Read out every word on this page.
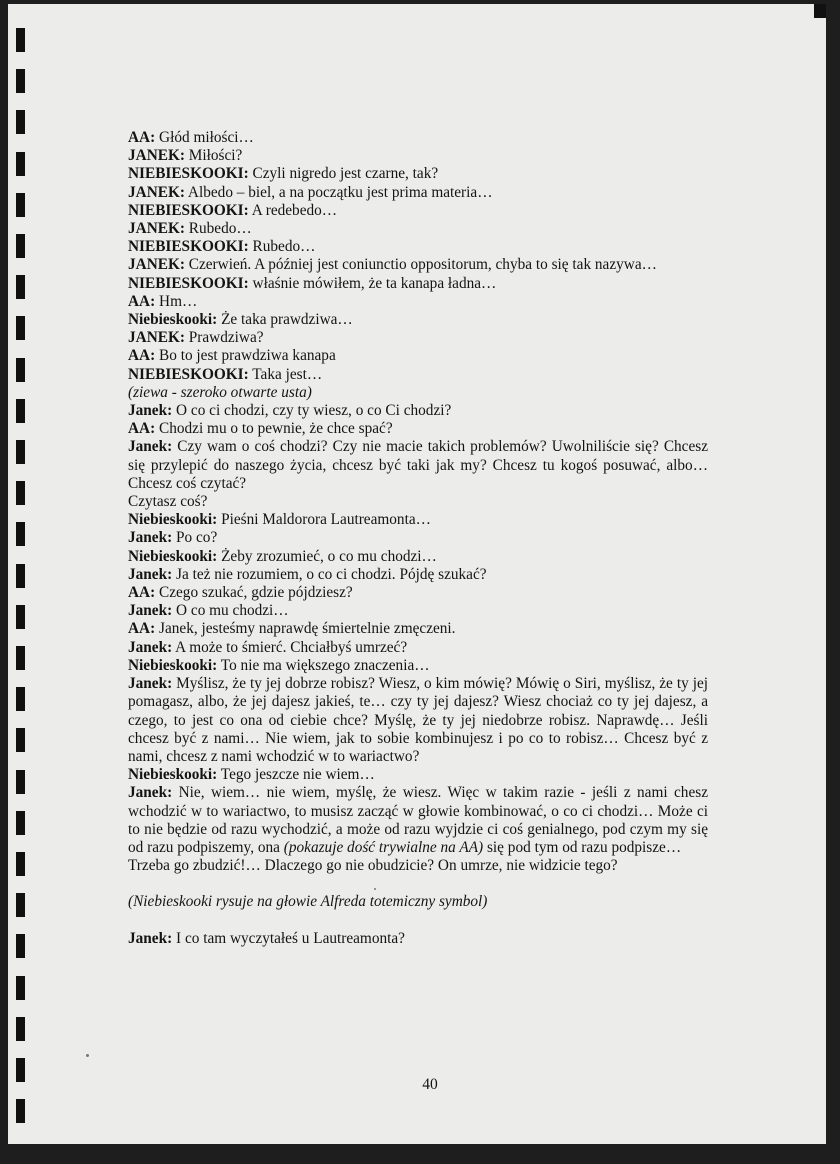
AA: Głód miłości…

JANEK: Miłości?

NIEBIESKOOKI: Czyli nigredo jest czarne, tak?

JANEK: Albedo – biel, a na początku jest prima materia…

NIEBIESKOOKI: A redebedo…

JANEK: Rubedo…

NIEBIESKOOKI: Rubedo…

JANEK: Czerwień. A później jest coniunctio oppositorum, chyba to się tak nazywa…

NIEBIESKOOKI: właśnie mówiłem, że ta kanapa ładna…

AA: Hm…

Niebieskooki: Że taka prawdziwa…

JANEK: Prawdziwa?

AA: Bo to jest prawdziwa kanapa

NIEBIESKOOKI: Taka jest…

(ziewa - szeroko otwarte usta)

Janek: O co ci chodzi, czy ty wiesz, o co Ci chodzi?

AA: Chodzi mu o to pewnie, że chce spać?

Janek: Czy wam o coś chodzi? Czy nie macie takich problemów? Uwolniliście się? Chcesz się przylepić do naszego życia, chcesz być taki jak my? Chcesz tu kogoś posuwać, albo… Chcesz coś czytać?

Czytasz coś?

Niebieskooki: Pieśni Maldorora Lautreamonta…

Janek: Po co?

Niebieskooki: Żeby zrozumieć, o co mu chodzi…

Janek: Ja też nie rozumiem, o co ci chodzi. Pójdę szukać?

AA: Czego szukać, gdzie pójdziesz?

Janek: O co mu chodzi…

AA: Janek, jesteśmy naprawdę śmiertelnie zmęczeni.

Janek: A może to śmierć. Chciałbyś umrzeć?

Niebieskooki: To nie ma większego znaczenia…

Janek: Myślisz, że ty jej dobrze robisz? Wiesz, o kim mówię? Mówię o Siri, myślisz, że ty jej pomagasz, albo, że jej dajesz jakieś, te… czy ty jej dajesz? Wiesz chociaż co ty jej dajesz, a czego, to jest co ona od ciebie chce? Myślę, że ty jej niedobrze robisz. Naprawdę… Jeśli chcesz być z nami… Nie wiem, jak to sobie kombinujesz i po co to robisz… Chcesz być z nami, chcesz z nami wchodzić w to wariactwo?

Niebieskooki: Tego jeszcze nie wiem…

Janek: Nie, wiem… nie wiem, myślę, że wiesz. Więc w takim razie - jeśli z nami chesz wchodzić w to wariactwo, to musisz zacząć w głowie kombinować, o co ci chodzi… Może ci to nie będzie od razu wychodzić, a może od razu wyjdzie ci coś genialnego, pod czym my się od razu podpiszemy, ona (pokazuje dość trywialne na AA) się pod tym od razu podpisze…

Trzeba go zbudzić!… Dlaczego go nie obudzicie? On umrze, nie widzicie tego?

(Niebieskooki rysuje na głowie Alfreda totemiczny symbol)

Janek: I co tam wyczytałeś u Lautreamonta?

40
